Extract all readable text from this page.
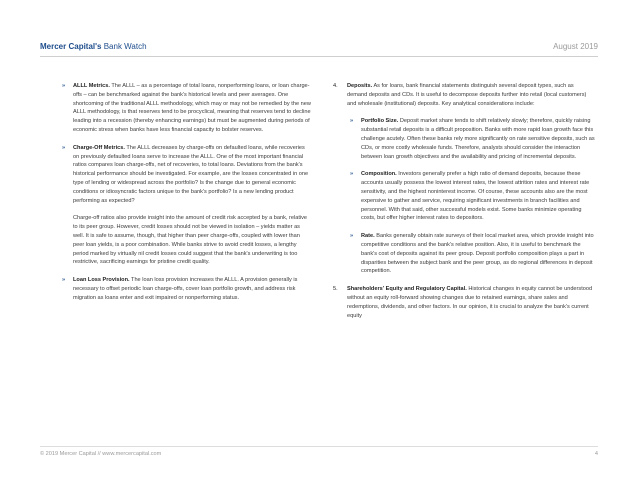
Mercer Capital's Bank Watch	August 2019
» ALLL Metrics. The ALLL – as a percentage of total loans, nonperforming loans, or loan charge-offs – can be benchmarked against the bank's historical levels and peer averages. One shortcoming of the traditional ALLL methodology, which may or may not be remedied by the new ALLL methodology, is that reserves tend to be procyclical, meaning that reserves tend to decline leading into a recession (thereby enhancing earnings) but must be augmented during periods of economic stress when banks have less financial capacity to bolster reserves.
» Charge-Off Metrics. The ALLL decreases by charge-offs on defaulted loans, while recoveries on previously defaulted loans serve to increase the ALLL. One of the most important financial ratios compares loan charge-offs, net of recoveries, to total loans. Deviations from the bank's historical performance should be investigated. For example, are the losses concentrated in one type of lending or widespread across the portfolio? Is the change due to general economic conditions or idiosyncratic factors unique to the bank's portfolio? Is a new lending product performing as expected?
Charge-off ratios also provide insight into the amount of credit risk accepted by a bank, relative to its peer group. However, credit losses should not be viewed in isolation – yields matter as well. It is safe to assume, though, that higher than peer charge-offs, coupled with lower than peer loan yields, is a poor combination. While banks strive to avoid credit losses, a lengthy period marked by virtually nil credit losses could suggest that the bank's underwriting is too restrictive, sacrificing earnings for pristine credit quality.
» Loan Loss Provision. The loan loss provision increases the ALLL. A provision generally is necessary to offset periodic loan charge-offs, cover loan portfolio growth, and address risk migration as loans enter and exit impaired or nonperforming status.
4. Deposits. As for loans, bank financial statements distinguish several deposit types, such as demand deposits and CDs. It is useful to decompose deposits further into retail (local customers) and wholesale (institutional) deposits. Key analytical considerations include:
» Portfolio Size. Deposit market share tends to shift relatively slowly; therefore, quickly raising substantial retail deposits is a difficult proposition. Banks with more rapid loan growth face this challenge acutely. Often these banks rely more significantly on rate sensitive deposits, such as CDs, or more costly wholesale funds. Therefore, analysts should consider the interaction between loan growth objectives and the availability and pricing of incremental deposits.
» Composition. Investors generally prefer a high ratio of demand deposits, because these accounts usually possess the lowest interest rates, the lowest attrition rates and interest rate sensitivity, and the highest noninterest income. Of course, these accounts also are the most expensive to gather and service, requiring significant investments in branch facilities and personnel. With that said, other successful models exist. Some banks minimize operating costs, but offer higher interest rates to depositors.
» Rate. Banks generally obtain rate surveys of their local market area, which provide insight into competitive conditions and the bank's relative position. Also, it is useful to benchmark the bank's cost of deposits against its peer group. Deposit portfolio composition plays a part in disparities between the subject bank and the peer group, as do regional differences in deposit competition.
5. Shareholders' Equity and Regulatory Capital. Historical changes in equity cannot be understood without an equity roll-forward showing changes due to retained earnings, share sales and redemptions, dividends, and other factors. In our opinion, it is crucial to analyze the bank's current equity
© 2019 Mercer Capital // www.mercercapital.com	4
